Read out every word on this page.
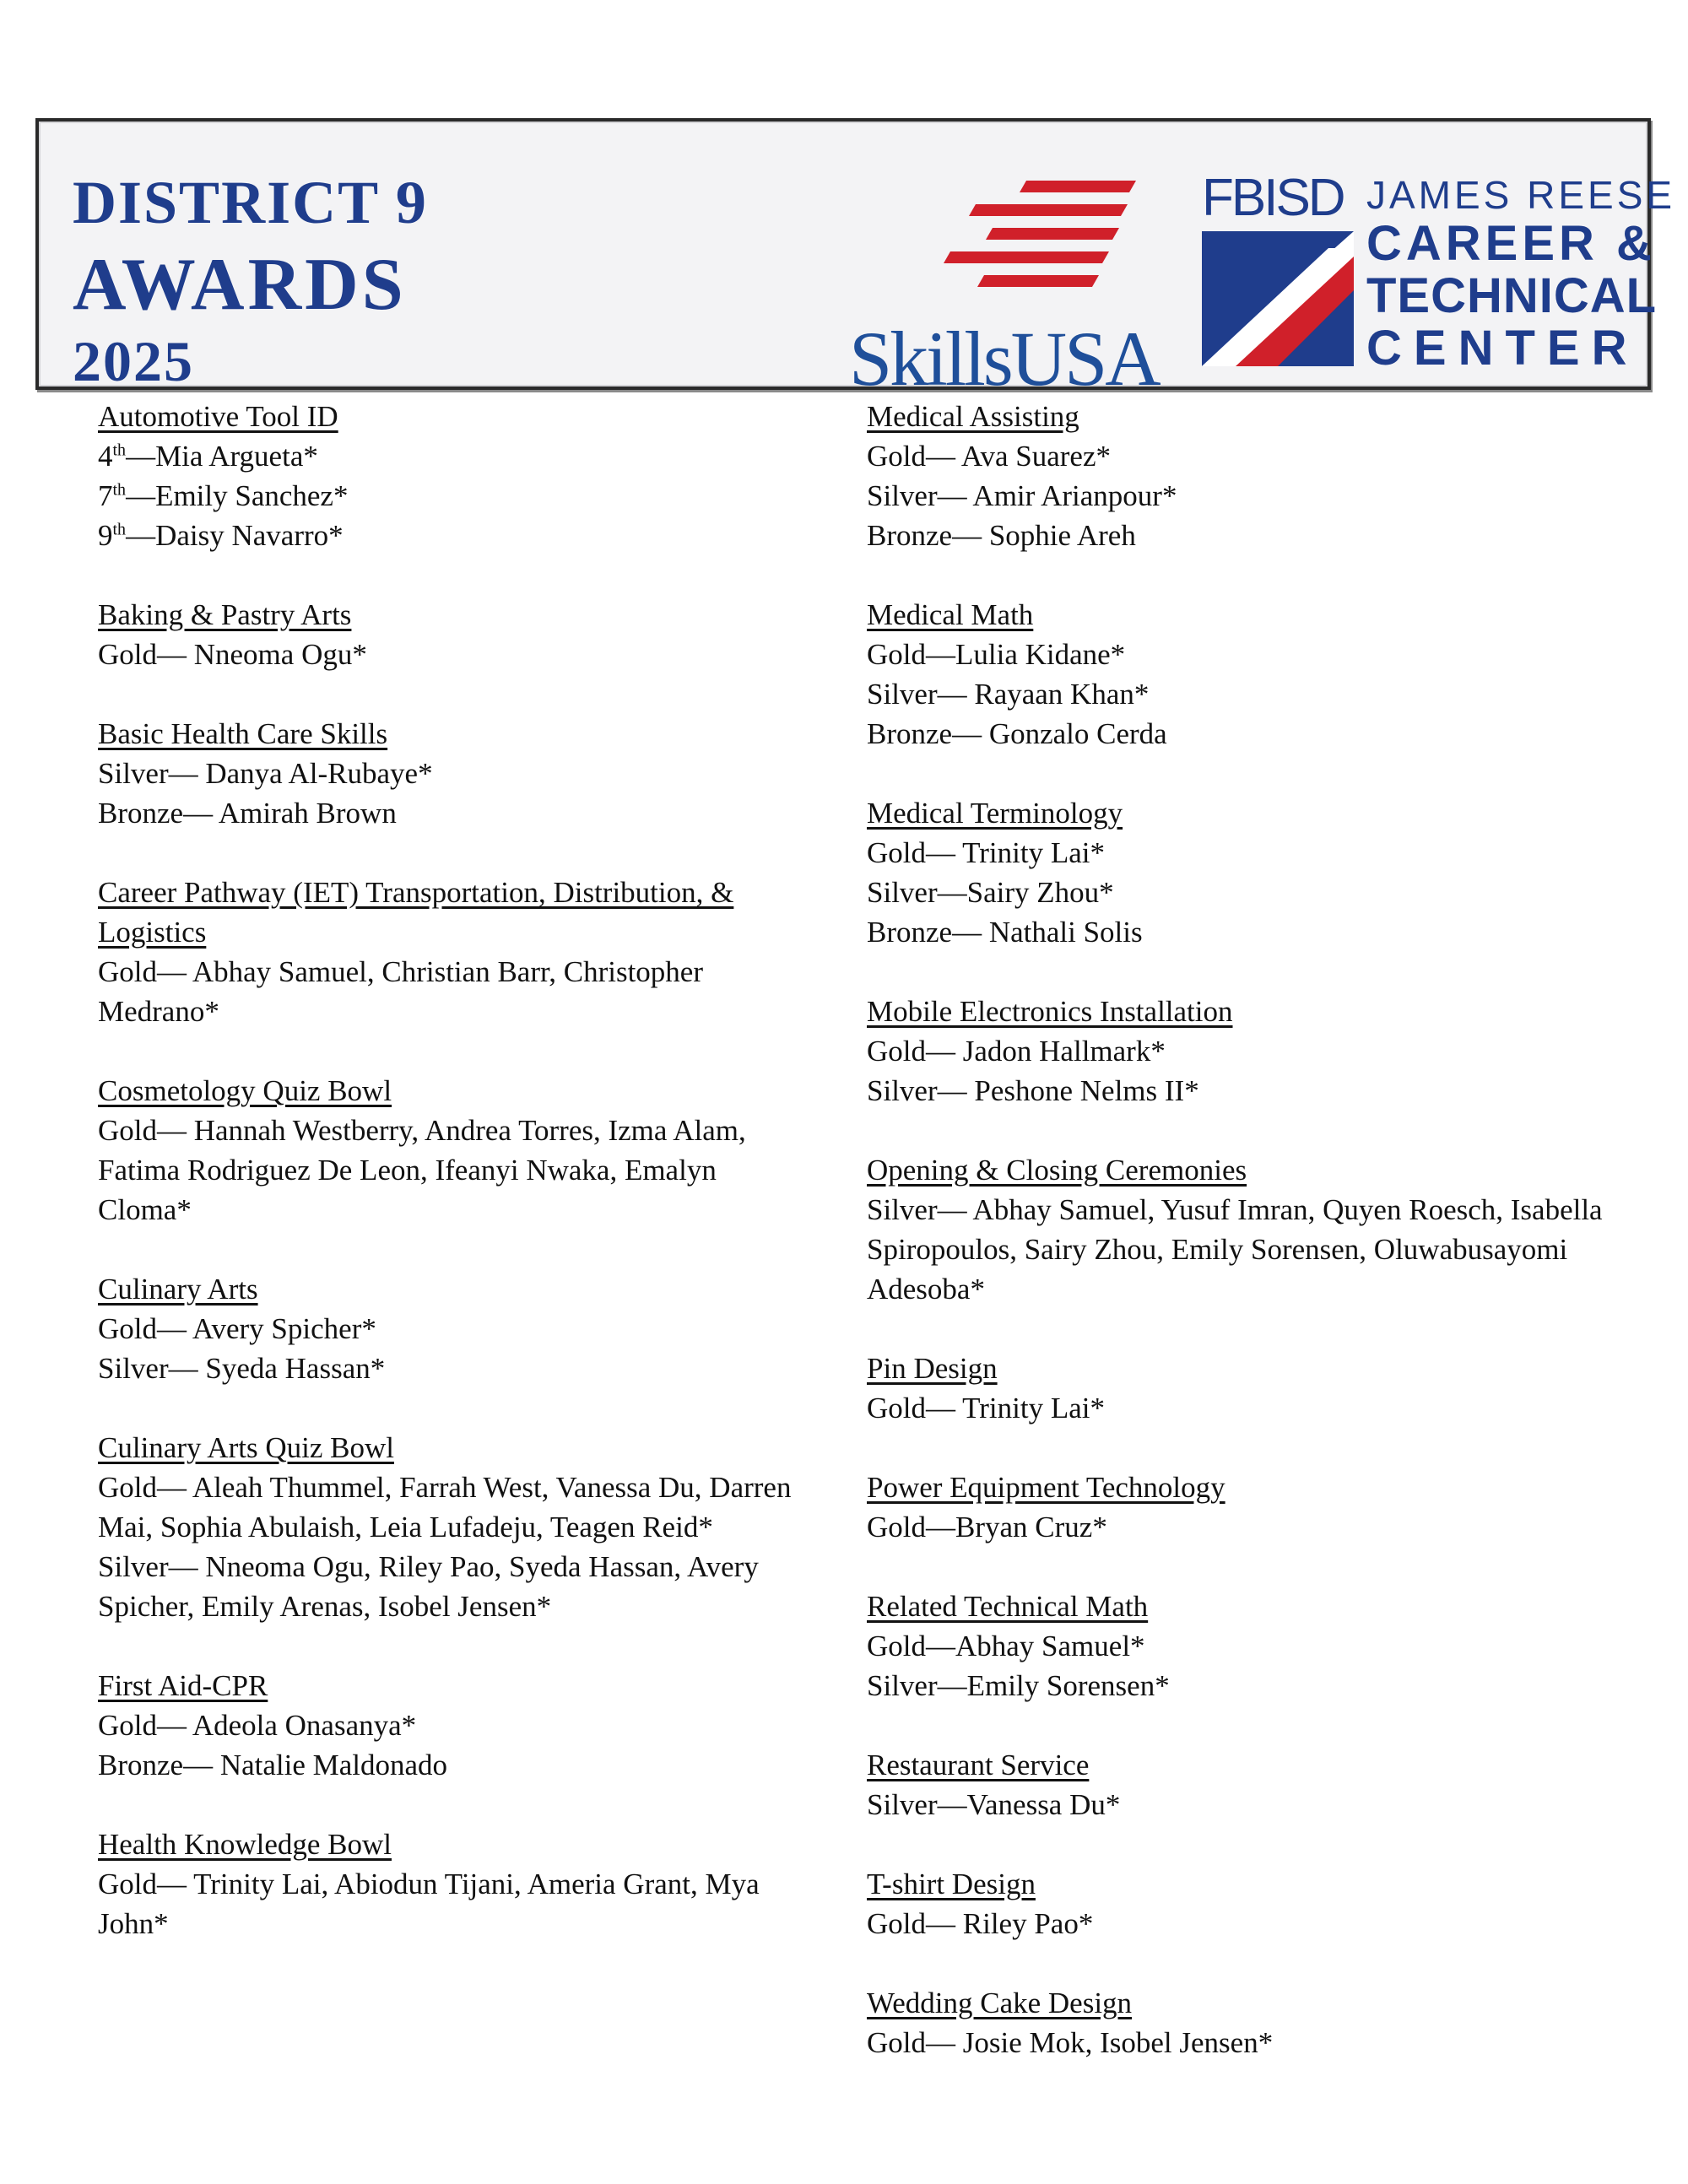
DISTRICT 9
AWARDS
2025	SkillsUSA
FBISD JAMES REESE
CAREER &
TECHNICAL
CENTER
Automotive Tool ID
4th—Mia Argueta*
7th—Emily Sanchez*
9th—Daisy Navarro*
Baking & Pastry Arts
Gold— Nneoma Ogu*
Basic Health Care Skills
Silver— Danya Al-Rubaye*
Bronze— Amirah Brown
Career Pathway (IET) Transportation, Distribution, & Logistics
Gold— Abhay Samuel, Christian Barr, Christopher Medrano*
Cosmetology Quiz Bowl
Gold— Hannah Westberry, Andrea Torres, Izma Alam, Fatima Rodriguez De Leon, Ifeanyi Nwaka, Emalyn Cloma*
Culinary Arts
Gold— Avery Spicher*
Silver— Syeda Hassan*
Culinary Arts Quiz Bowl
Gold— Aleah Thummel, Farrah West, Vanessa Du, Darren Mai, Sophia Abulaish, Leia Lufadeju, Teagen Reid*
Silver— Nneoma Ogu, Riley Pao, Syeda Hassan, Avery Spicher, Emily Arenas, Isobel Jensen*
First Aid-CPR
Gold— Adeola Onasanya*
Bronze— Natalie Maldonado
Health Knowledge Bowl
Gold— Trinity Lai, Abiodun Tijani, Ameria Grant, Mya John*
Medical Assisting
Gold— Ava Suarez*
Silver— Amir Arianpour*
Bronze— Sophie Areh
Medical Math
Gold—Lulia Kidane*
Silver— Rayaan Khan*
Bronze— Gonzalo Cerda
Medical Terminology
Gold— Trinity Lai*
Silver—Sairy Zhou*
Bronze— Nathali Solis
Mobile Electronics Installation
Gold— Jadon Hallmark*
Silver— Peshone Nelms II*
Opening & Closing Ceremonies
Silver— Abhay Samuel, Yusuf Imran, Quyen Roesch, Isabella Spiropoulos, Sairy Zhou, Emily Sorensen, Oluwabusayomi Adesoba*
Pin Design
Gold— Trinity Lai*
Power Equipment Technology
Gold—Bryan Cruz*
Related Technical Math
Gold—Abhay Samuel*
Silver—Emily Sorensen*
Restaurant Service
Silver—Vanessa Du*
T-shirt Design
Gold— Riley Pao*
Wedding Cake Design
Gold— Josie Mok, Isobel Jensen*
